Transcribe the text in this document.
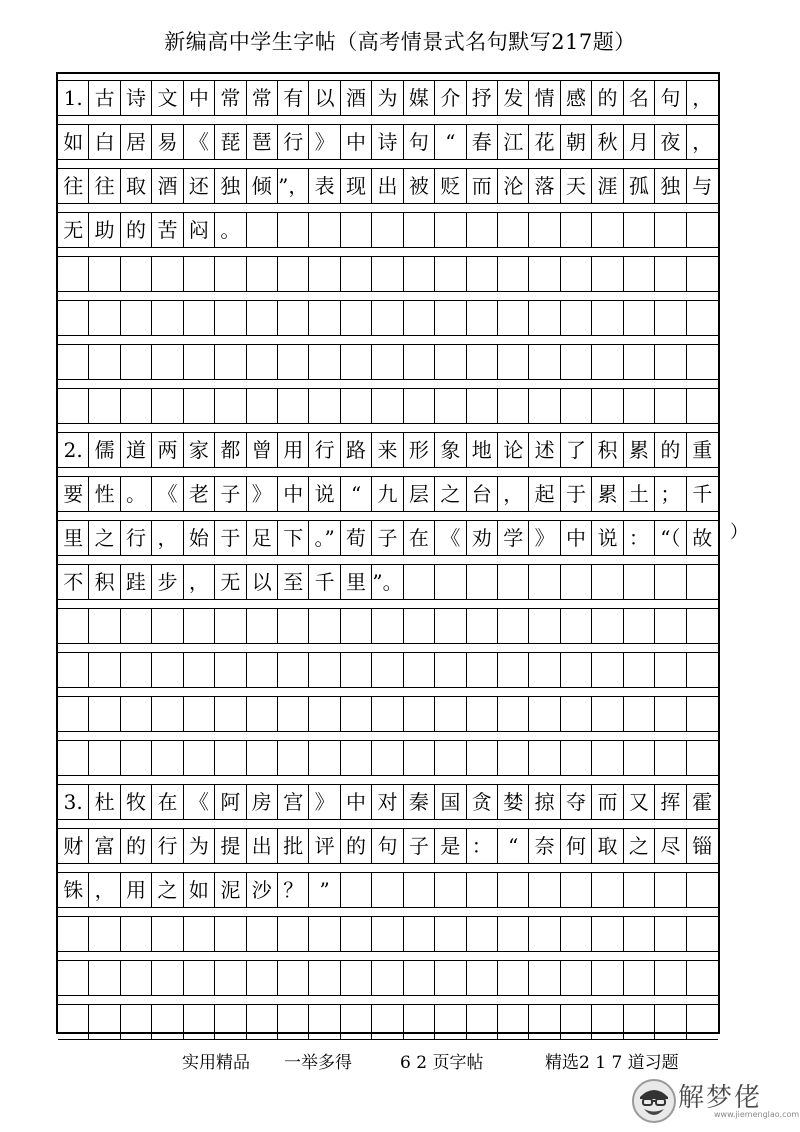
新编高中学生字帖（高考情景式名句默写217题）
1. 古 诗 文 中 常 常 有 以 酒 为 媒 介 抒 发 情 感 的 名 句 ，
如 白 居 易 《 琵 琶 行 》 中 诗 句 “ 春 江 花 朝 秋 月 夜 ，
往 往 取 酒 还 独 倾 ”， 表 现 出 被 贬 而 沦 落 天 涯 孤 独 与
无 助 的 苦 闷 。
2. 儒 道 两 家 都 曾 用 行 路 来 形 象 地 论 述 了 积 累 的 重
要 性 。 《 老 子 》 中 说 “ 九 层 之 台 ， 起 于 累 土 ； 千
里 之 行 ， 始 于 足 下 。” 荀 子 在 《 劝 学 》 中 说 ： “（ 故
不 积 跬 步 ， 无 以 至 千 里 ”。
3. 杜 牧 在 《 阿 房 宫 》 中 对 秦 国 贪 婪 掠 夺 而 又 挥 霍
财 富 的 行 为 提 出 批 评 的 句 子 是 ： “ 奈 何 取 之 尽 锱
铢 ， 用 之 如 泥 沙 ？ ”
）
实用精品 一举多得	6 2 页字帖	精选2 1 7 道习题
解梦佬
www.jiemenglao.com
